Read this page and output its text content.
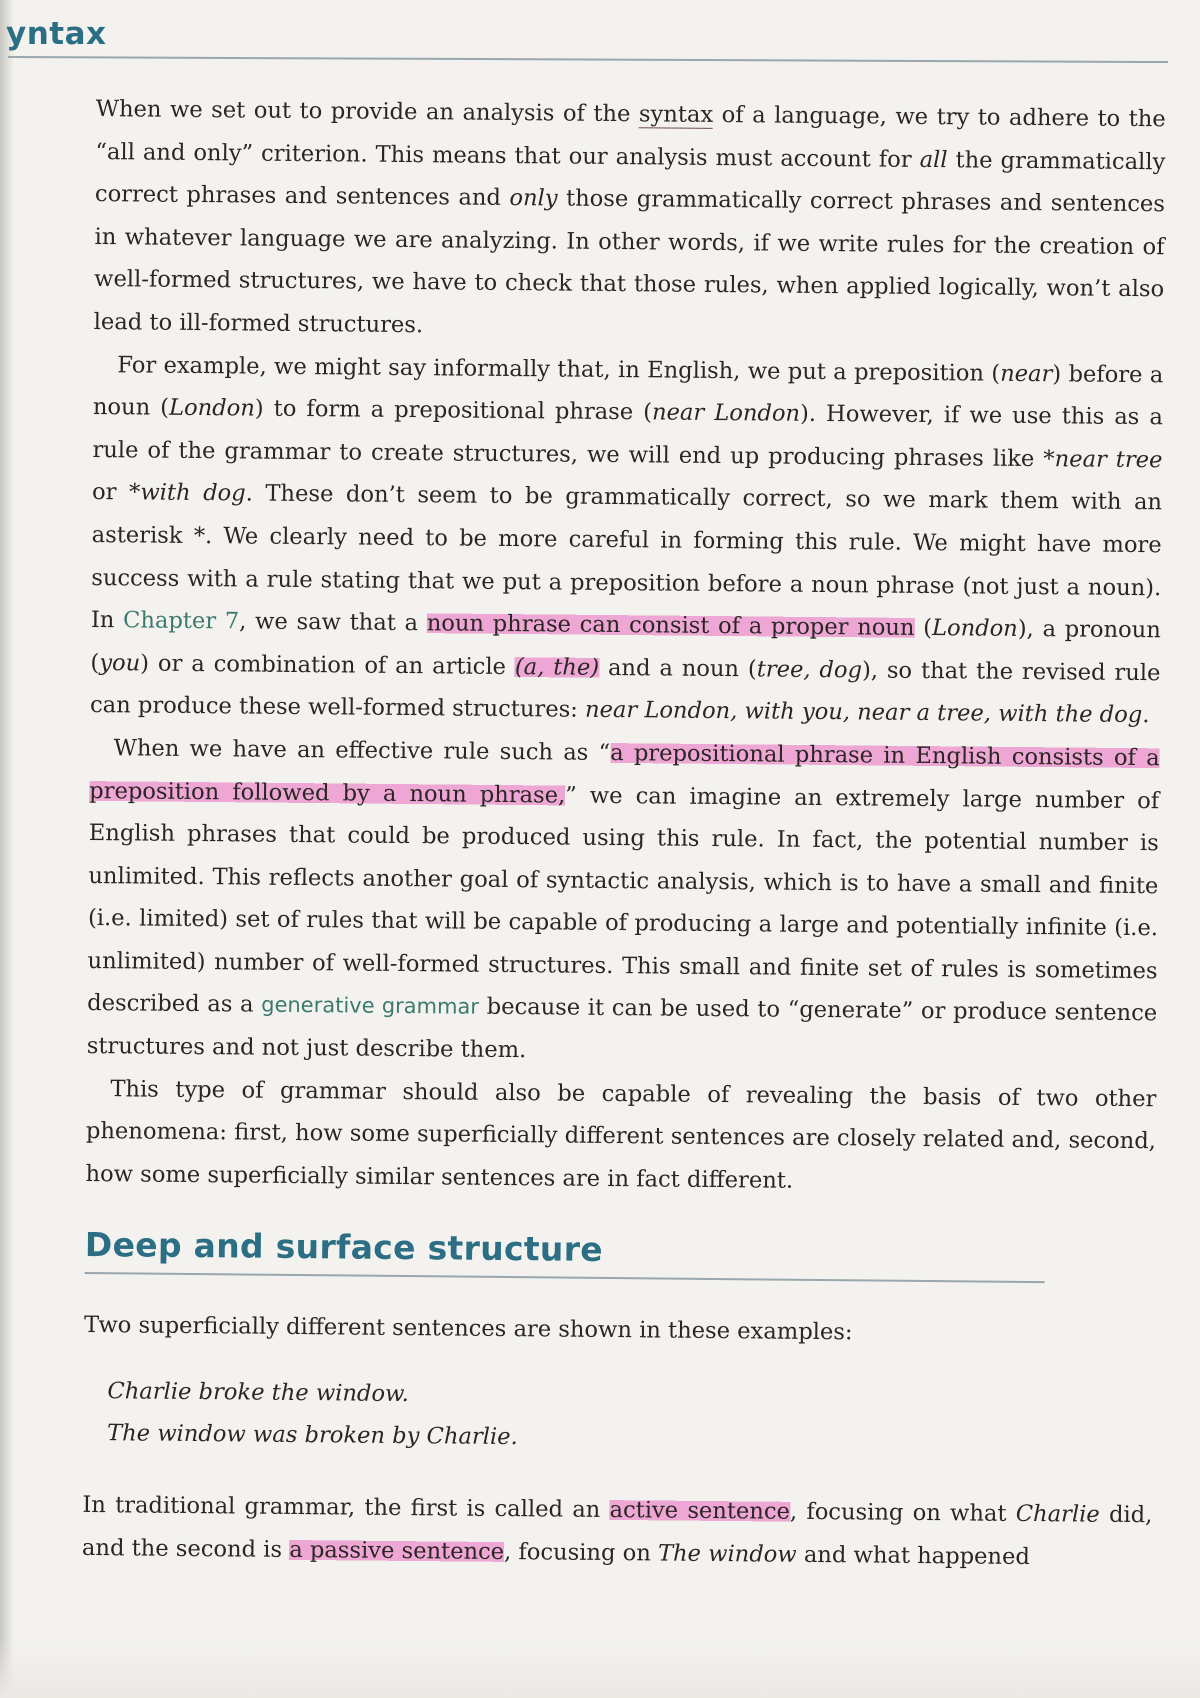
yntax

When we set out to provide an analysis of the syntax of a language, we try to adhere to the “all and only” criterion. This means that our analysis must account for all the grammatically correct phrases and sentences and only those grammatically correct phrases and sentences in whatever language we are analyzing. In other words, if we write rules for the creation of well-formed structures, we have to check that those rules, when applied logically, won’t also lead to ill-formed structures.

For example, we might say informally that, in English, we put a preposition (near) before a noun (London) to form a prepositional phrase (near London). However, if we use this as a rule of the grammar to create structures, we will end up producing phrases like *near tree or *with dog. These don’t seem to be grammatically correct, so we mark them with an asterisk *. We clearly need to be more careful in forming this rule. We might have more success with a rule stating that we put a preposition before a noun phrase (not just a noun). In Chapter 7, we saw that a noun phrase can consist of a proper noun (London), a pronoun (you) or a combination of an article (a, the) and a noun (tree, dog), so that the revised rule can produce these well-formed structures: near London, with you, near a tree, with the dog.

When we have an effective rule such as “a prepositional phrase in English consists of a preposition followed by a noun phrase,” we can imagine an extremely large number of English phrases that could be produced using this rule. In fact, the potential number is unlimited. This reflects another goal of syntactic analysis, which is to have a small and finite (i.e. limited) set of rules that will be capable of producing a large and potentially infinite (i.e. unlimited) number of well-formed structures. This small and finite set of rules is sometimes described as a generative grammar because it can be used to “generate” or produce sentence structures and not just describe them.

This type of grammar should also be capable of revealing the basis of two other phenomena: first, how some superficially different sentences are closely related and, second, how some superficially similar sentences are in fact different.

Deep and surface structure

Two superficially different sentences are shown in these examples:

Charlie broke the window.

The window was broken by Charlie.

In traditional grammar, the first is called an active sentence, focusing on what Charlie did, and the second is a passive sentence, focusing on The window and what happened
